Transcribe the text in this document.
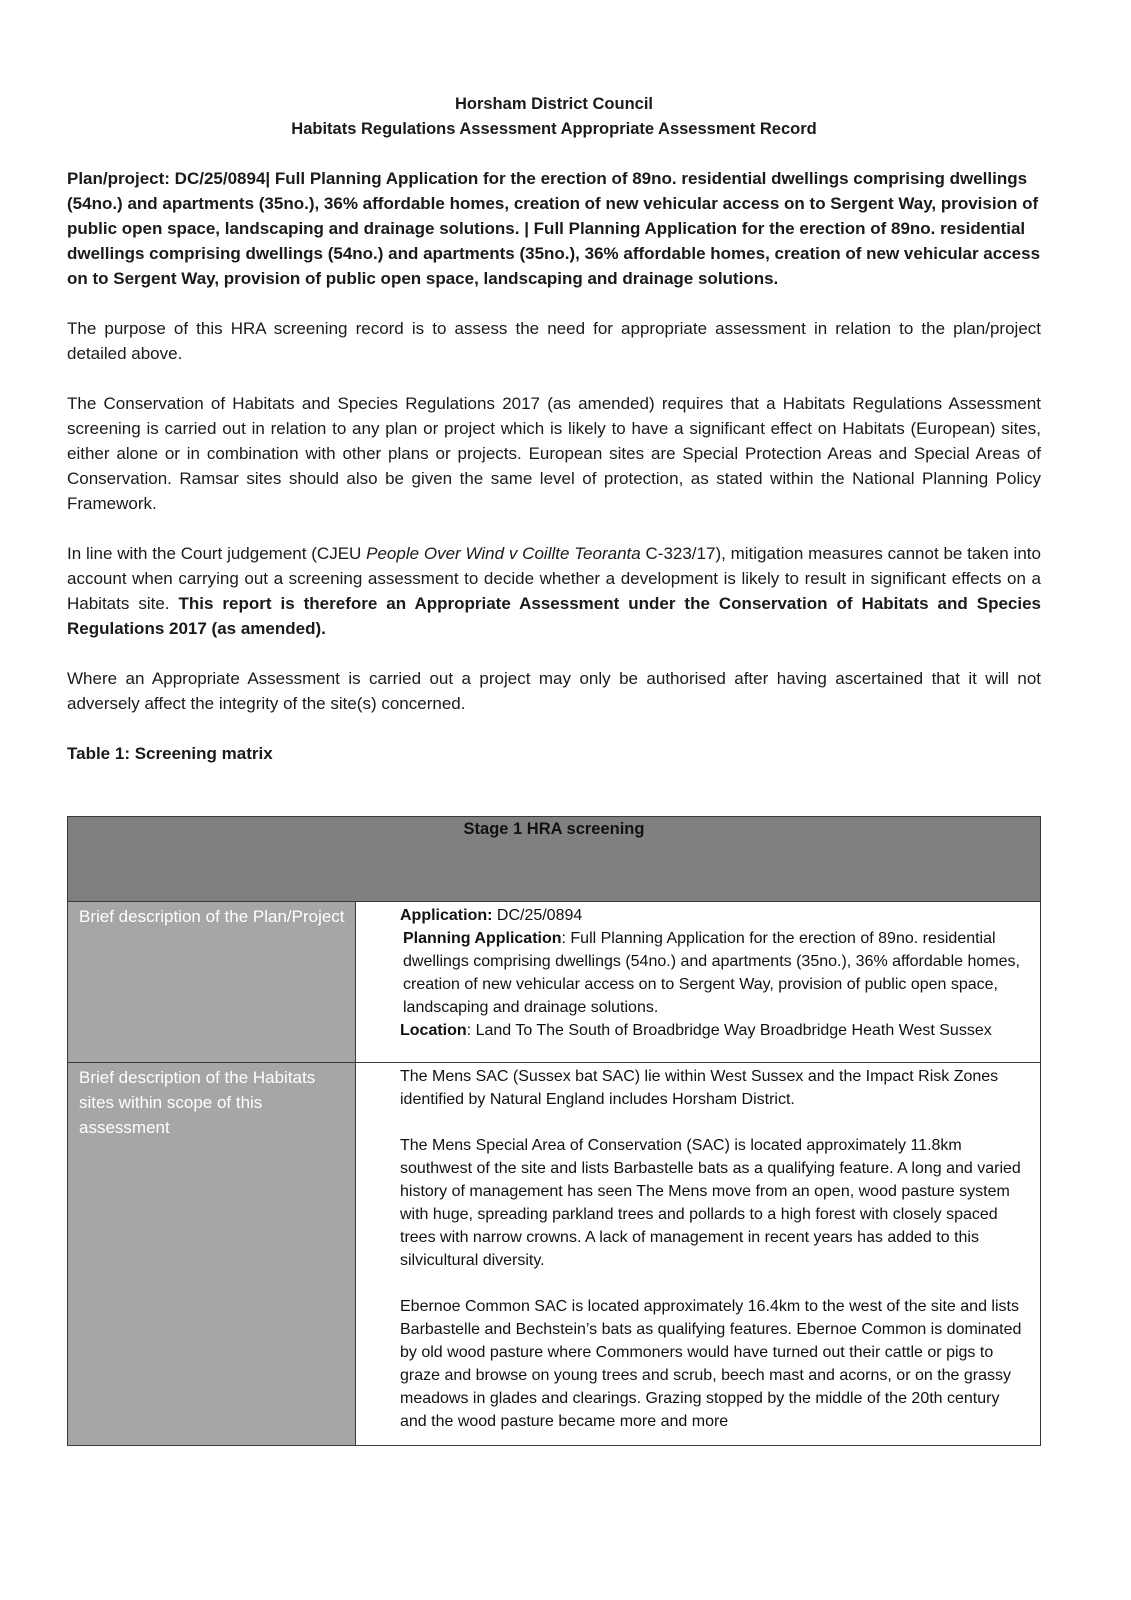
Horsham District Council

Habitats Regulations Assessment Appropriate Assessment Record

Plan/project: DC/25/0894| Full Planning Application for the erection of 89no. residential dwellings comprising dwellings (54no.) and apartments (35no.), 36% affordable homes, creation of new vehicular access on to Sergent Way, provision of public open space, landscaping and drainage solutions. | Full Planning Application for the erection of 89no. residential dwellings comprising dwellings (54no.) and apartments (35no.), 36% affordable homes, creation of new vehicular access on to Sergent Way, provision of public open space, landscaping and drainage solutions.

The purpose of this HRA screening record is to assess the need for appropriate assessment in relation to the plan/project detailed above.

The Conservation of Habitats and Species Regulations 2017 (as amended) requires that a Habitats Regulations Assessment screening is carried out in relation to any plan or project which is likely to have a significant effect on Habitats (European) sites, either alone or in combination with other plans or projects. European sites are Special Protection Areas and Special Areas of Conservation. Ramsar sites should also be given the same level of protection, as stated within the National Planning Policy Framework.

In line with the Court judgement (CJEU People Over Wind v Coillte Teoranta C-323/17), mitigation measures cannot be taken into account when carrying out a screening assessment to decide whether a development is likely to result in significant effects on a Habitats site. This report is therefore an Appropriate Assessment under the Conservation of Habitats and Species Regulations 2017 (as amended).

Where an Appropriate Assessment is carried out a project may only be authorised after having ascertained that it will not adversely affect the integrity of the site(s) concerned.

Table 1: Screening matrix

Stage 1 HRA screening	
Brief description of the Plan/Project	Application: DC/25/0894

Planning Application: Full Planning Application for the erection of 89no. residential dwellings comprising dwellings (54no.) and apartments (35no.), 36% affordable homes, creation of new vehicular access on to Sergent Way, provision of public open space, landscaping and drainage solutions.

Location: Land To The South of Broadbridge Way Broadbridge Heath West Sussex

Brief description of the Habitats sites within scope of this assessment	The Mens SAC (Sussex bat SAC) lie within West Sussex and the Impact Risk Zones identified by Natural England includes Horsham District.

The Mens Special Area of Conservation (SAC) is located approximately 11.8km southwest of the site and lists Barbastelle bats as a qualifying feature. A long and varied history of management has seen The Mens move from an open, wood pasture system with huge, spreading parkland trees and pollards to a high forest with closely spaced trees with narrow crowns. A lack of management in recent years has added to this silvicultural diversity.

Ebernoe Common SAC is located approximately 16.4km to the west of the site and lists Barbastelle and Bechstein’s bats as qualifying features. Ebernoe Common is dominated by old wood pasture where Commoners would have turned out their cattle or pigs to graze and browse on young trees and scrub, beech mast and acorns, or on the grassy meadows in glades and clearings. Grazing stopped by the middle of the 20th century and the wood pasture became more and more
